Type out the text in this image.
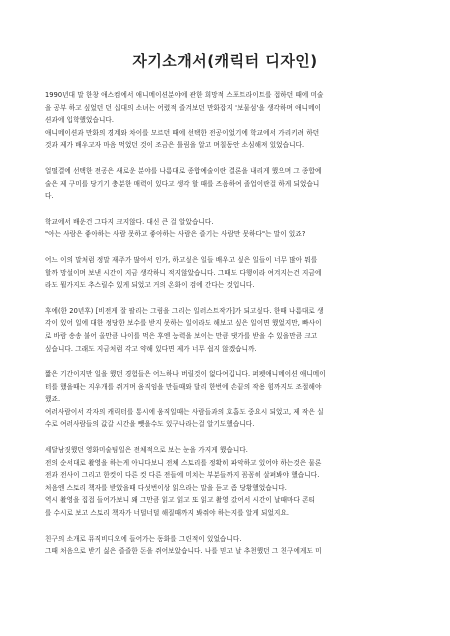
자기소개서(캐릭터 디자인)
1990년대 말 한창 애스컴에서 애니메이션분야에 관한 희망적 스포트라이트를 접하던 때에 미술
을 공부 하고 싶었던 던 십대의 소녀는 어렸적 즐겨보던 만화잡지 '보물섬'을 생각하며 애니메이
션과에 입학했었습니다.
애니메이션과 만화의 경계와 차이를 모르던 때에 선택한 전공이었기에 학교에서 가리키려 하던
것과 제가 배우고자 마음 먹었던 것이 조금은 틀림을 알고 며칠동안 소심해져 있었습니다.
얼떨결에 선택한 전공은 새로운 분야를 나름대로 종합예술이란 결론을 내리게 했으며 그 종합예
술은 제 구미를 당기기 충분한 매력이 있다고 생각 할 때를 즈음하여 졸업이란걸 하게 되었습니
다.
학교에서 배운건 그다지 크지않다. 대신 큰 걸 알았습니다.
"아는 사람은 좋아하는 사람 못하고 좋아하는 사람은 즐기는 사람만 못하다"는 말이 있죠?
어느 이의 말처럼 정말 재주가 많아서 인가, 하고싶은 일들 배우고 싶은 일들이 너무 많아 뭐를
할까 망설이며 보낸 시간이 지금 생각하니 적지않았습니다. 그때도 다행이라 여겨지는건 지금에
라도 뭘가지도 추스릴수 있게 되었고 거의 온화이 검에 간다는 것입니다.
후에(한 20년후) [비전게 잘 팔리는 그림을 그리는 일러스트작가]가 되고싶다. 한때 나름대로 생
각이 있어 일에 대한 정당한 보수를 받지 못하는 일이라도 해보고 싶은 일이면 했었지만, 빠사이
로 바람 송송 불어 올만큼 나이를 먹은 후엔 능력을 보이는 만큼 댓가를 받을 수 있을만큼 크고
싶습니다. 그래도 지금처럼 각고 약해 있다면 제가 너무 쉽지 않겠습니까.
짧은 기간이지만 일을 했던 경험들은 어느하나 버릴것이 없다여깁니다. 퍼펫애니메이션 애니메이
터를 했을때는 지우개를 쥐거며 움직임을 만들때와 달리 한번에 손끝의 작용 힘까지도 조절해야
했죠.
여러사람이서 각자의 캐릭터를 통시에 움직일때는 사람들과의 호흡도 중요시 되었고, 제 작은 실
수로 여러사람들의 값갈 시간을 뺏을수도 있구나라는걸 알기도했습니다.
세달남짓했던 영화미술팀일은 전체적으로 보는 눈을 가지게 했습니다.
전의 순서대로 촬영을 하는게 아니다보니 전체 스토리를 정확히 파악하고 있어야 하는것은 물론
전과 전사이 그리고 한컷이 다른 컷 다른 전들에 미치는 부분들까지 꼼꼼히 살펴봐야 했습니다.
처음엔 스토리 책자를 받았을때 다섯번이상 읽으라는 말을 듣고 좀 당황했었습니다.
역시 촬영을 집접 들어가보니 왜 그만큼 읽고 읽고 또 읽고 촬영 갔어서 시간이 날때마다 콘티
를 수시로 보고 스토리 책자가 너덜너덜 해질때까지 봐줘야 하는지를 알게 되었지요.
친구의 소개로 뮤직비디오에 들어가는 동화를 그린적이 있었습니다.
그때 처음으로 받기 싫은 즐즐한 돈을 쥐어보았습니다. 나를 믿고 날 추천했던 그 친구에게도 미
